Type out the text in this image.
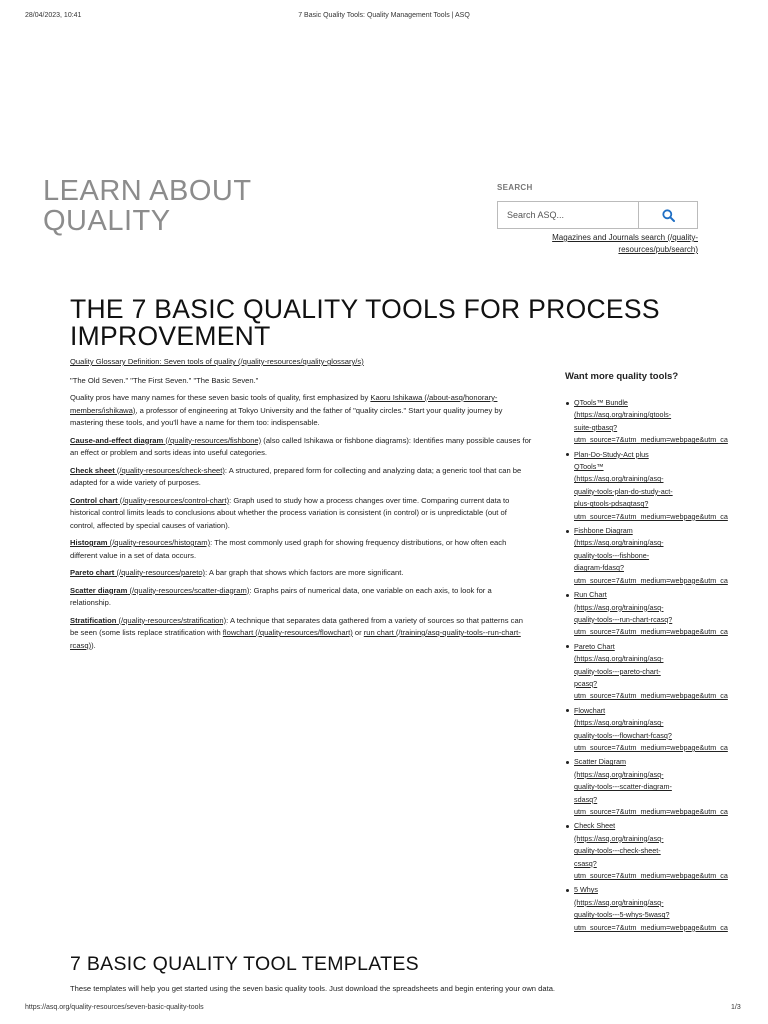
28/04/2023, 10:41	7 Basic Quality Tools: Quality Management Tools | ASQ
LEARN ABOUT
QUALITY
SEARCH
Search ASQ...
Magazines and Journals search (/quality-
resources/pub/search)
THE 7 BASIC QUALITY TOOLS FOR PROCESS IMPROVEMENT

Quality Glossary Definition: Seven tools of quality (/quality-resources/quality-glossary/s)

"The Old Seven." "The First Seven." "The Basic Seven."

Quality pros have many names for these seven basic tools of quality, first emphasized by Kaoru Ishikawa (/about-asq/honorary-members/ishikawa), a professor of engineering at Tokyo University and the father of "quality circles." Start your quality journey by mastering these tools, and you'll have a name for them too: indispensable.

Cause-and-effect diagram (/quality-resources/fishbone) (also called Ishikawa or fishbone diagrams): Identifies many possible causes for an effect or problem and sorts ideas into useful categories.

Check sheet (/quality-resources/check-sheet): A structured, prepared form for collecting and analyzing data; a generic tool that can be adapted for a wide variety of purposes.

Control chart (/quality-resources/control-chart): Graph used to study how a process changes over time. Comparing current data to historical control limits leads to conclusions about whether the process variation is consistent (in control) or is unpredictable (out of control, affected by special causes of variation).

Histogram (/quality-resources/histogram): The most commonly used graph for showing frequency distributions, or how often each different value in a set of data occurs.

Pareto chart (/quality-resources/pareto): A bar graph that shows which factors are more significant.

Scatter diagram (/quality-resources/scatter-diagram): Graphs pairs of numerical data, one variable on each axis, to look for a relationship.

Stratification (/quality-resources/stratification): A technique that separates data gathered from a variety of sources so that patterns can be seen (some lists replace stratification with flowchart (/quality-resources/flowchart) or run chart (/training/asq-quality-tools--run-chart-rcasq)).

Want more quality tools?
QTools™ Bundle
(https://asq.org/training/qtools-
suite-qtbasq?
utm_source=7&utm_medium=webpage&utm_ca
Plan-Do-Study-Act plus
QTools™
(https://asq.org/training/asq-
quality-tools-plan-do-study-act-
plus-qtools-pdsaqtasq?
utm_source=7&utm_medium=webpage&utm_ca
Fishbone Diagram
(https://asq.org/training/asq-
quality-tools---fishbone-
diagram-fdasq?
utm_source=7&utm_medium=webpage&utm_ca
Run Chart
(https://asq.org/training/asq-
quality-tools---run-chart-rcasq?
utm_source=7&utm_medium=webpage&utm_ca
Pareto Chart
(https://asq.org/training/asq-
quality-tools---pareto-chart-
pcasq?
utm_source=7&utm_medium=webpage&utm_ca
Flowchart
(https://asq.org/training/asq-
quality-tools---flowchart-fcasq?
utm_source=7&utm_medium=webpage&utm_ca
Scatter Diagram
(https://asq.org/training/asq-
quality-tools---scatter-diagram-
sdasq?
utm_source=7&utm_medium=webpage&utm_ca
Check Sheet
(https://asq.org/training/asq-
quality-tools---check-sheet-
csasq?
utm_source=7&utm_medium=webpage&utm_ca
5 Whys
(https://asq.org/training/asq-
quality-tools---5-whys-5wasq?
utm_source=7&utm_medium=webpage&utm_ca
7 BASIC QUALITY TOOL TEMPLATES
These templates will help you get started using the seven basic quality tools. Just download the spreadsheets and begin entering your own data.
https://asq.org/quality-resources/seven-basic-quality-tools	1/3
